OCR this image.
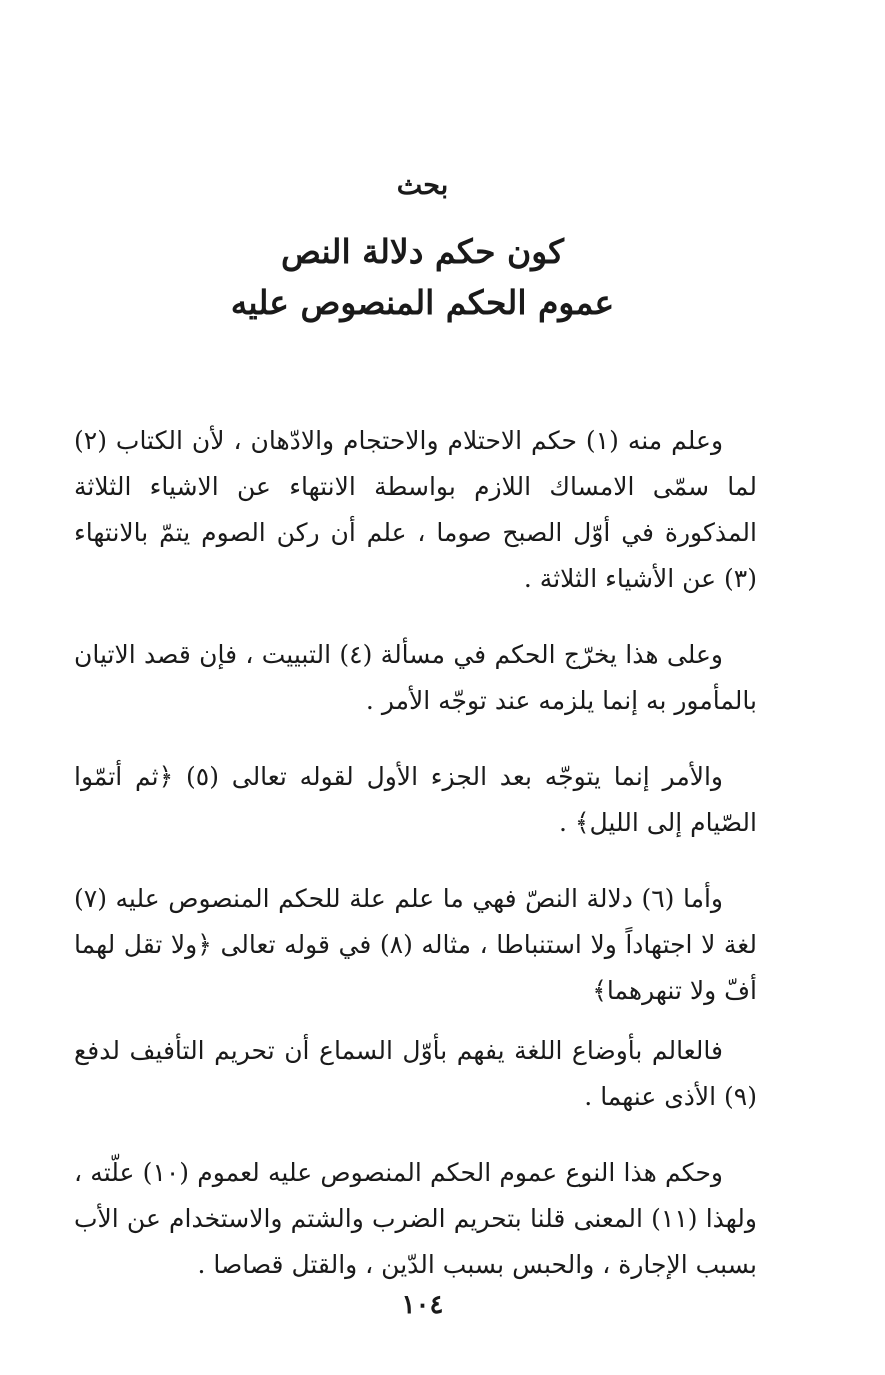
بحث
كون حكم دلالة النص
عموم الحكم المنصوص عليه

وعلم منه (١) حكم الاحتلام والاحتجام والادّهان ، لأن الكتاب (٢) لما سمّى الامساك اللازم بواسطة الانتهاء عن الاشياء الثلاثة المذكورة في أوّل الصبح صوما ، علم أن ركن الصوم يتمّ بالانتهاء (٣) عن الأشياء الثلاثة .

وعلى هذا يخرّج الحكم في مسألة (٤) التبييت ، فإن قصد الاتيان بالمأمور به إنما يلزمه عند توجّه الأمر .

والأمر إنما يتوجّه بعد الجزء الأول لقوله تعالى (٥) ﴿ثم أتمّوا الصّيام إلى الليل﴾ .

وأما (٦) دلالة النصّ فهي ما علم علة للحكم المنصوص عليه (٧) لغة لا اجتهاداً ولا استنباطا ، مثاله (٨) في قوله تعالى ﴿ولا تقل لهما أفّ ولا تنهرهما﴾

فالعالم بأوضاع اللغة يفهم بأوّل السماع أن تحريم التأفيف لدفع (٩) الأذى عنهما .

وحكم هذا النوع عموم الحكم المنصوص عليه لعموم (١٠) علّته ، ولهذا (١١) المعنى قلنا بتحريم الضرب والشتم والاستخدام عن الأب بسبب الإجارة ، والحبس بسبب الدّين ، والقتل قصاصا .

١٠٤
